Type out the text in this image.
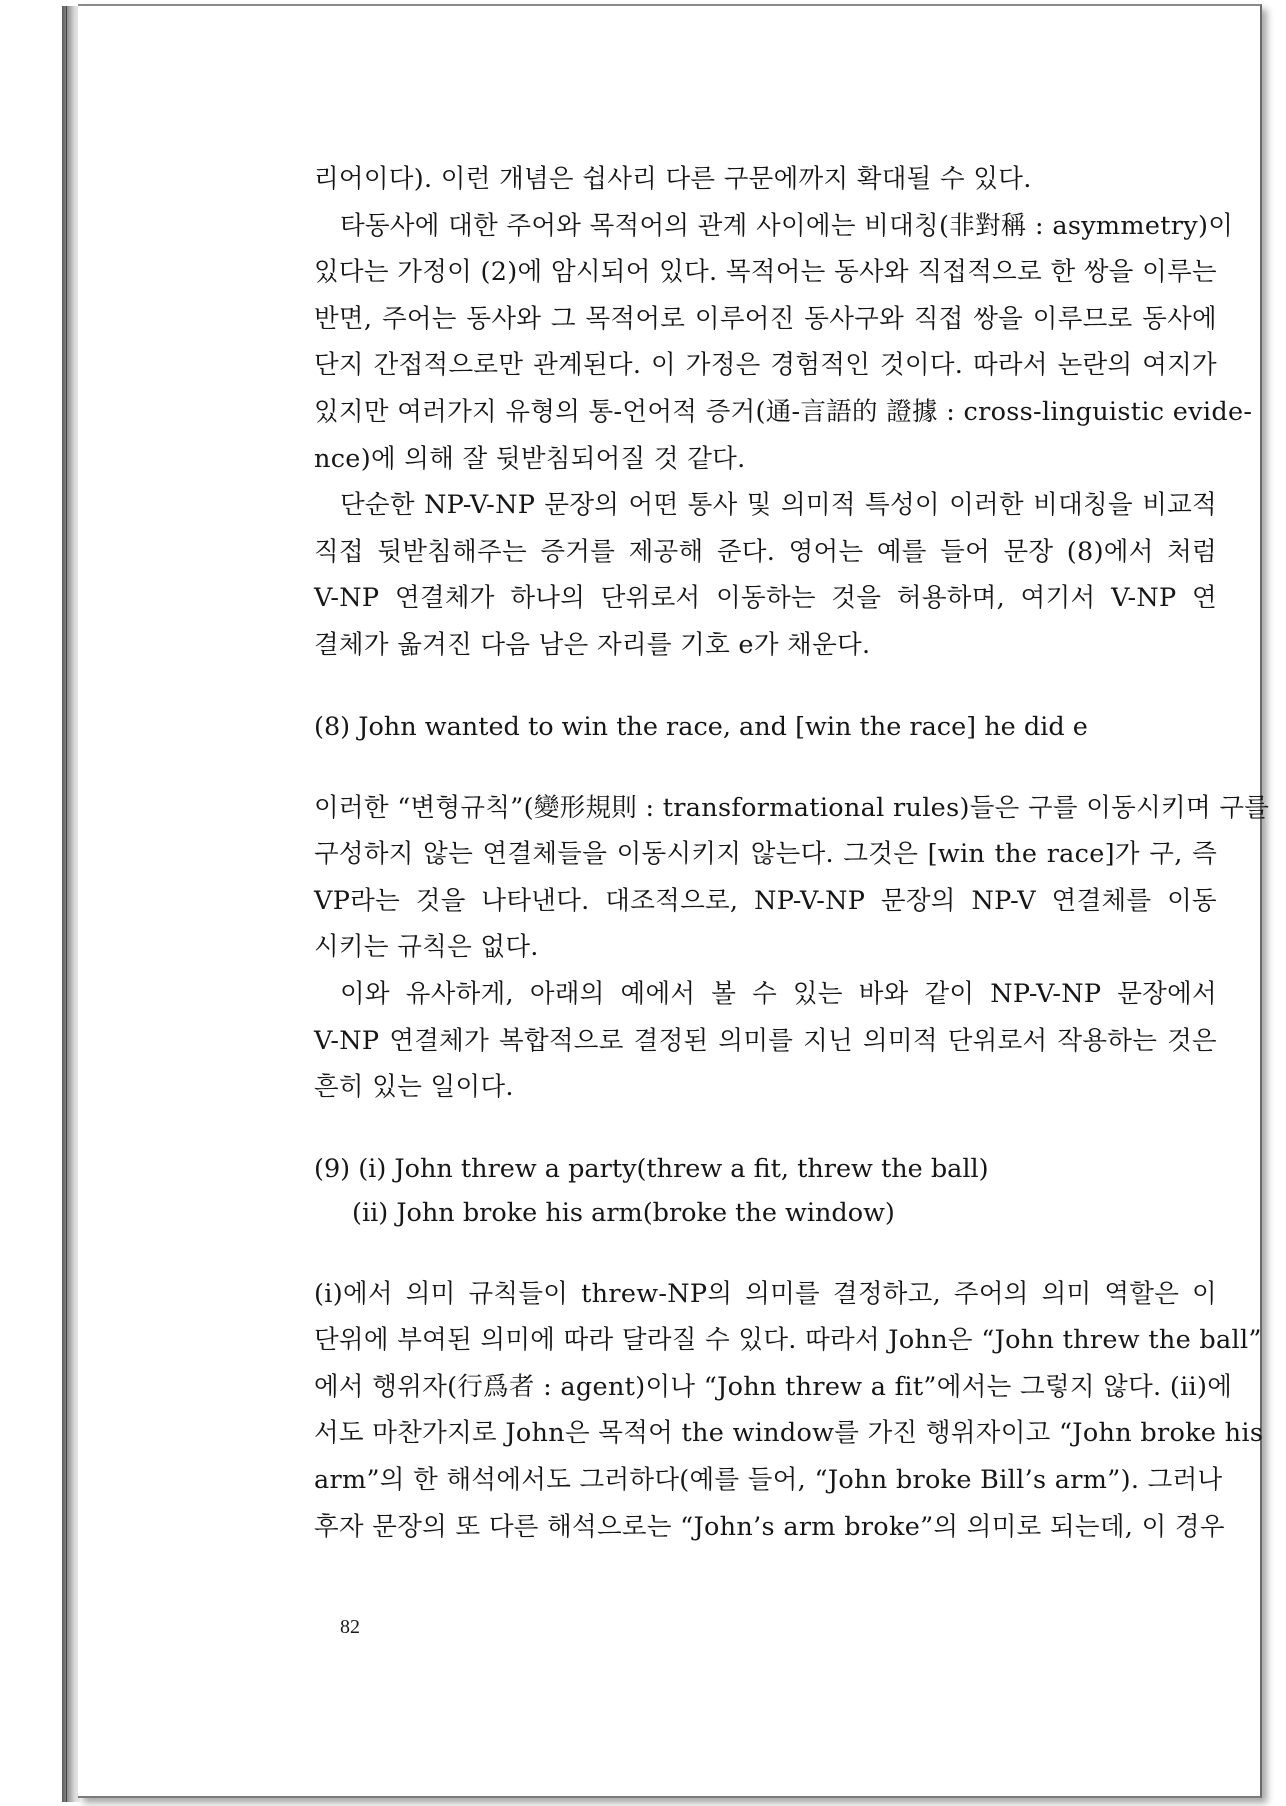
리어이다). 이런 개념은 쉽사리 다른 구문에까지 확대될 수 있다.
타동사에 대한 주어와 목적어의 관계 사이에는 비대칭(非對稱 : asymmetry)이
있다는 가정이 (2)에 암시되어 있다. 목적어는 동사와 직접적으로 한 쌍을 이루는
반면, 주어는 동사와 그 목적어로 이루어진 동사구와 직접 쌍을 이루므로 동사에
단지 간접적으로만 관계된다. 이 가정은 경험적인 것이다. 따라서 논란의 여지가
있지만 여러가지 유형의 통-언어적 증거(通-言語的 證據 : cross-linguistic evide-
nce)에 의해 잘 뒷받침되어질 것 같다.
단순한 NP-V-NP 문장의 어떤 통사 및 의미적 특성이 이러한 비대칭을 비교적
직접 뒷받침해주는 증거를 제공해 준다. 영어는 예를 들어 문장 (8)에서 처럼
V-NP 연결체가 하나의 단위로서 이동하는 것을 허용하며, 여기서 V-NP 연
결체가 옮겨진 다음 남은 자리를 기호 e가 채운다.
(8) John wanted to win the race, and [win the race] he did e
이러한 “변형규칙”(變形規則 : transformational rules)들은 구를 이동시키며 구를
구성하지 않는 연결체들을 이동시키지 않는다. 그것은 [win the race]가 구, 즉
VP라는 것을 나타낸다. 대조적으로, NP-V-NP 문장의 NP-V 연결체를 이동
시키는 규칙은 없다.
이와 유사하게, 아래의 예에서 볼 수 있는 바와 같이 NP-V-NP 문장에서
V-NP 연결체가 복합적으로 결정된 의미를 지닌 의미적 단위로서 작용하는 것은
흔히 있는 일이다.
(9) (i) John threw a party(threw a fit, threw the ball)
(ii) John broke his arm(broke the window)
(i)에서 의미 규칙들이 threw-NP의 의미를 결정하고, 주어의 의미 역할은 이
단위에 부여된 의미에 따라 달라질 수 있다. 따라서 John은 “John threw the ball”
에서 행위자(行爲者 : agent)이나 “John threw a fit”에서는 그렇지 않다. (ii)에
서도 마찬가지로 John은 목적어 the window를 가진 행위자이고 “John broke his
arm”의 한 해석에서도 그러하다(예를 들어, “John broke Bill’s arm”). 그러나
후자 문장의 또 다른 해석으로는 “John’s arm broke”의 의미로 되는데, 이 경우
82
